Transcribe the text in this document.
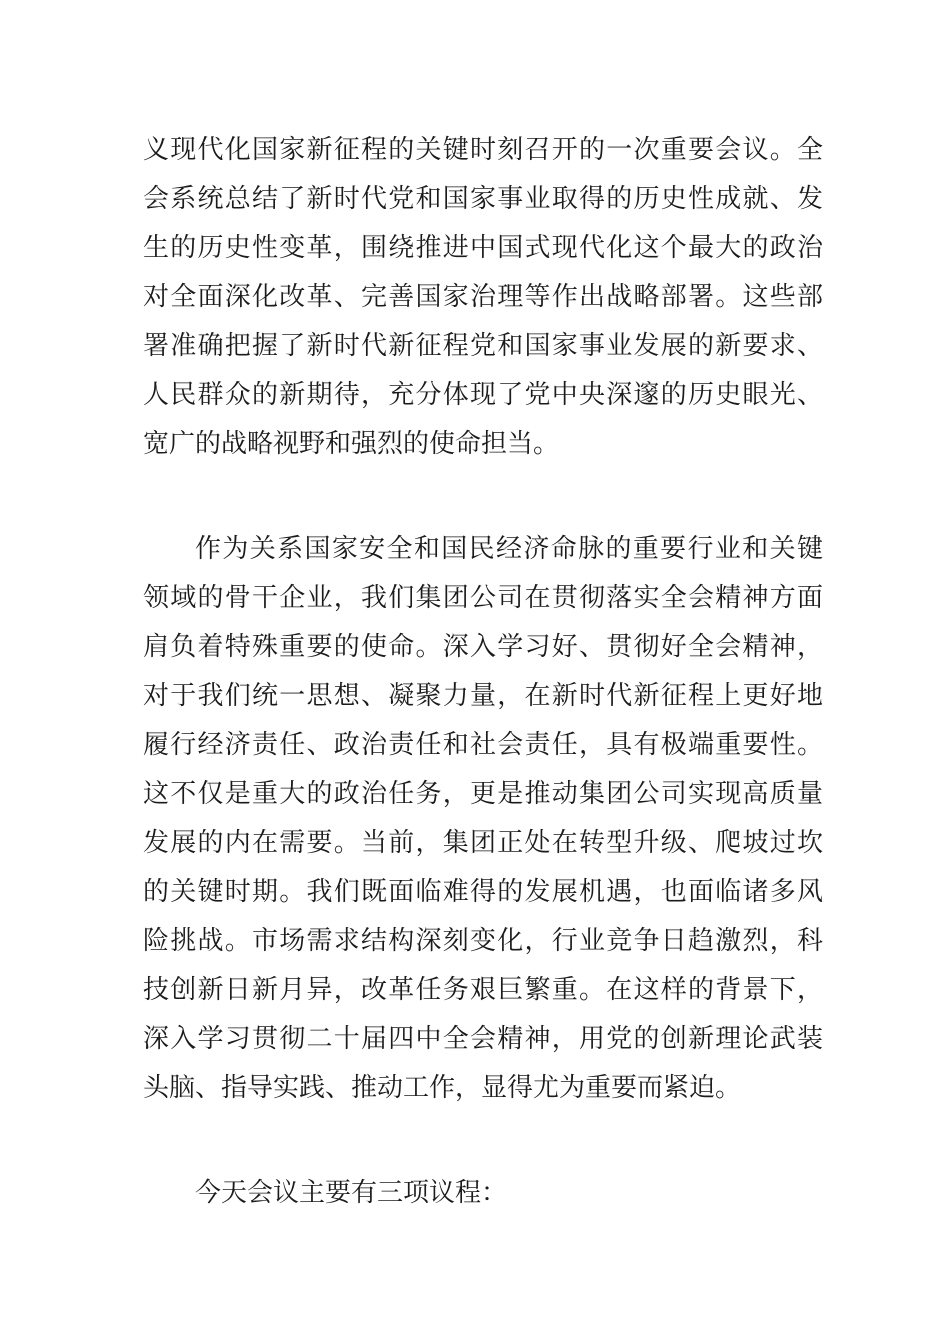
义现代化国家新征程的关键时刻召开的一次重要会议。全
会系统总结了新时代党和国家事业取得的历史性成就、发
生的历史性变革，围绕推进中国式现代化这个最大的政治
对全面深化改革、完善国家治理等作出战略部署。这些部
署准确把握了新时代新征程党和国家事业发展的新要求、
人民群众的新期待，充分体现了党中央深邃的历史眼光、
宽广的战略视野和强烈的使命担当。
作为关系国家安全和国民经济命脉的重要行业和关键
领域的骨干企业，我们集团公司在贯彻落实全会精神方面
肩负着特殊重要的使命。深入学习好、贯彻好全会精神，
对于我们统一思想、凝聚力量，在新时代新征程上更好地
履行经济责任、政治责任和社会责任，具有极端重要性。
这不仅是重大的政治任务，更是推动集团公司实现高质量
发展的内在需要。当前，集团正处在转型升级、爬坡过坎
的关键时期。我们既面临难得的发展机遇，也面临诸多风
险挑战。市场需求结构深刻变化，行业竞争日趋激烈，科
技创新日新月异，改革任务艰巨繁重。在这样的背景下，
深入学习贯彻二十届四中全会精神，用党的创新理论武装
头脑、指导实践、推动工作，显得尤为重要而紧迫。
今天会议主要有三项议程：
